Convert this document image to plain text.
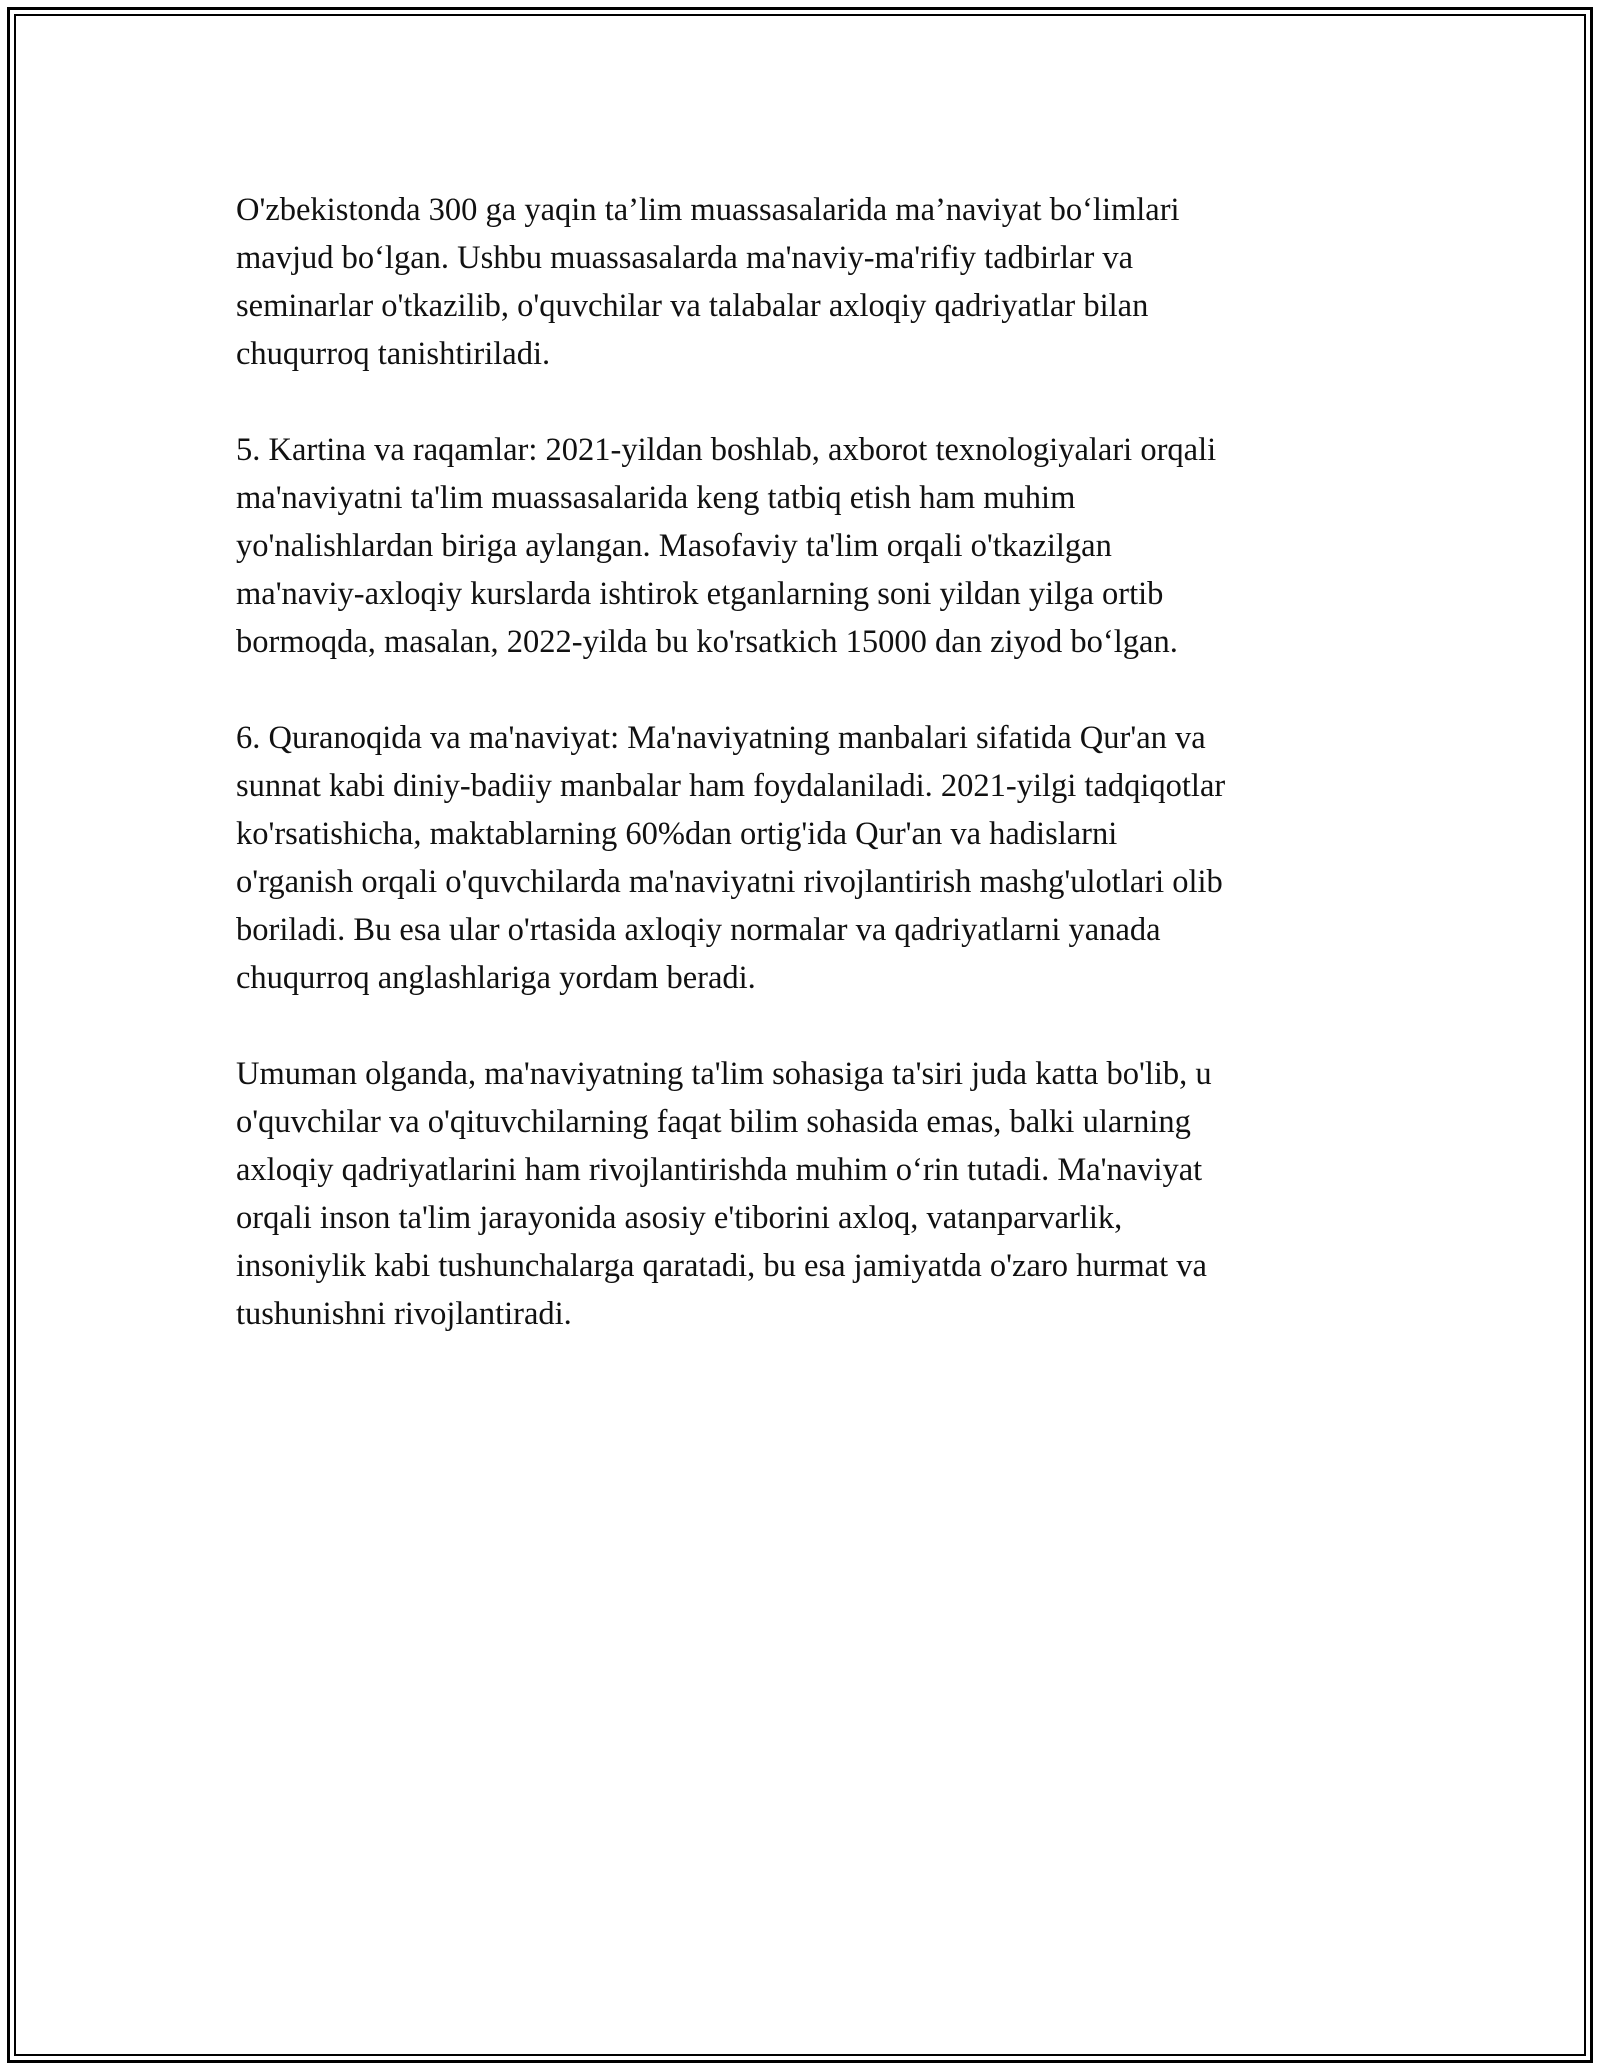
O'zbekistonda 300 ga yaqin ta’lim muassasalarida ma’naviyat bo‘limlari
mavjud bo‘lgan. Ushbu muassasalarda ma'naviy-ma'rifiy tadbirlar va
seminarlar o'tkazilib, o'quvchilar va talabalar axloqiy qadriyatlar bilan
chuqurroq tanishtiriladi.

5. Kartina va raqamlar: 2021-yildan boshlab, axborot texnologiyalari orqali
ma'naviyatni ta'lim muassasalarida keng tatbiq etish ham muhim
yo'nalishlardan biriga aylangan. Masofaviy ta'lim orqali o'tkazilgan
ma'naviy-axloqiy kurslarda ishtirok etganlarning soni yildan yilga ortib
bormoqda, masalan, 2022-yilda bu ko'rsatkich 15000 dan ziyod bo‘lgan.

6. Quranoqida va ma'naviyat: Ma'naviyatning manbalari sifatida Qur'an va
sunnat kabi diniy-badiiy manbalar ham foydalaniladi. 2021-yilgi tadqiqotlar
ko'rsatishicha, maktablarning 60%dan ortig'ida Qur'an va hadislarni
o'rganish orqali o'quvchilarda ma'naviyatni rivojlantirish mashg'ulotlari olib
boriladi. Bu esa ular o'rtasida axloqiy normalar va qadriyatlarni yanada
chuqurroq anglashlariga yordam beradi.

Umuman olganda, ma'naviyatning ta'lim sohasiga ta'siri juda katta bo'lib, u
o'quvchilar va o'qituvchilarning faqat bilim sohasida emas, balki ularning
axloqiy qadriyatlarini ham rivojlantirishda muhim o‘rin tutadi. Ma'naviyat
orqali inson ta'lim jarayonida asosiy e'tiborini axloq, vatanparvarlik,
insoniylik kabi tushunchalarga qaratadi, bu esa jamiyatda o'zaro hurmat va
tushunishni rivojlantiradi.
